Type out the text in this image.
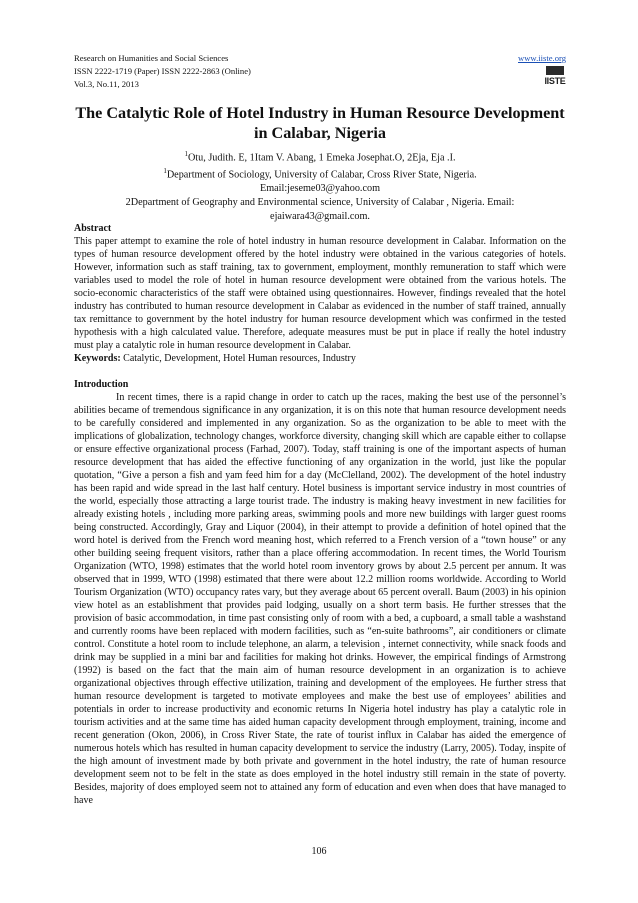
Research on Humanities and Social Sciences
ISSN 2222-1719 (Paper) ISSN 2222-2863 (Online)
Vol.3, No.11, 2013
www.iiste.org
IISTE
The Catalytic Role of Hotel Industry in Human Resource Development in Calabar, Nigeria
$^1$Otu, Judith. E, 1Itam V. Abang, 1 Emeka Josephat.O, 2Eja, Eja .I.
$^1$Department of Sociology, University of Calabar, Cross River State, Nigeria.
Email:jeseme03@yahoo.com
2Department of Geography and Environmental science, University of Calabar , Nigeria. Email:
ejaiwara43@gmail.com.

Abstract

This paper attempt to examine the role of hotel industry in human resource development in Calabar. Information on the types of human resource development offered by the hotel industry were obtained in the various categories of hotels. However, information such as staff training, tax to government, employment, monthly remuneration to staff which were variables used to model the role of hotel in human resource development were obtained from the various hotels. The socio-economic characteristics of the staff were obtained using questionnaires. However, findings revealed that the hotel industry has contributed to human resource development in Calabar as evidenced in the number of staff trained, annually tax remittance to government by the hotel industry for human resource development which was confirmed in the tested hypothesis with a high calculated value. Therefore, adequate measures must be put in place if really the hotel industry must play a catalytic role in human resource development in Calabar.

Keywords: Catalytic, Development, Hotel Human resources, Industry

Introduction

In recent times, there is a rapid change in order to catch up the races, making the best use of the personnel’s abilities became of tremendous significance in any organization, it is on this note that human resource development needs to be carefully considered and implemented in any organization. So as the organization to be able to meet with the implications of globalization, technology changes, workforce diversity, changing skill which are capable either to collapse or ensure effective organizational process (Farhad, 2007). Today, staff training is one of the important aspects of human resource development that has aided the effective functioning of any organization in the world, just like the popular quotation, “Give a person a fish and yam feed him for a day (McClelland, 2002). The development of the hotel industry has been rapid and wide spread in the last half century. Hotel business is important service industry in most countries of the world, especially those attracting a large tourist trade. The industry is making heavy investment in new facilities for already existing hotels , including more parking areas, swimming pools and more new buildings with larger guest rooms being constructed. Accordingly, Gray and Liquor (2004), in their attempt to provide a definition of hotel opined that the word hotel is derived from the French word meaning host, which referred to a French version of a “town house” or any other building seeing frequent visitors, rather than a place offering accommodation. In recent times, the World Tourism Organization (WTO, 1998) estimates that the world hotel room inventory grows by about 2.5 percent per annum. It was observed that in 1999, WTO (1998) estimated that there were about 12.2 million rooms worldwide. According to World Tourism Organization (WTO) occupancy rates vary, but they average about 65 percent overall. Baum (2003) in his opinion view hotel as an establishment that provides paid lodging, usually on a short term basis. He further stresses that the provision of basic accommodation, in time past consisting only of room with a bed, a cupboard, a small table a washstand and currently rooms have been replaced with modern facilities, such as “en-suite bathrooms”, air conditioners or climate control. Constitute a hotel room to include telephone, an alarm, a television , internet connectivity, while snack foods and drink may be supplied in a mini bar and facilities for making hot drinks. However, the empirical findings of Armstrong (1992) is based on the fact that the main aim of human resource development in an organization is to achieve organizational objectives through effective utilization, training and development of the employees. He further stress that human resource development is targeted to motivate employees and make the best use of employees’ abilities and potentials in order to increase productivity and economic returns In Nigeria hotel industry has play a catalytic role in tourism activities and at the same time has aided human capacity development through employment, training, income and recent generation (Okon, 2006), in Cross River State, the rate of tourist influx in Calabar has aided the emergence of numerous hotels which has resulted in human capacity development to service the industry (Larry, 2005). Today, inspite of the high amount of investment made by both private and government in the hotel industry, the rate of human resource development seem not to be felt in the state as does employed in the hotel industry still remain in the state of poverty. Besides, majority of does employed seem not to attained any form of education and even when does that have managed to have

106
